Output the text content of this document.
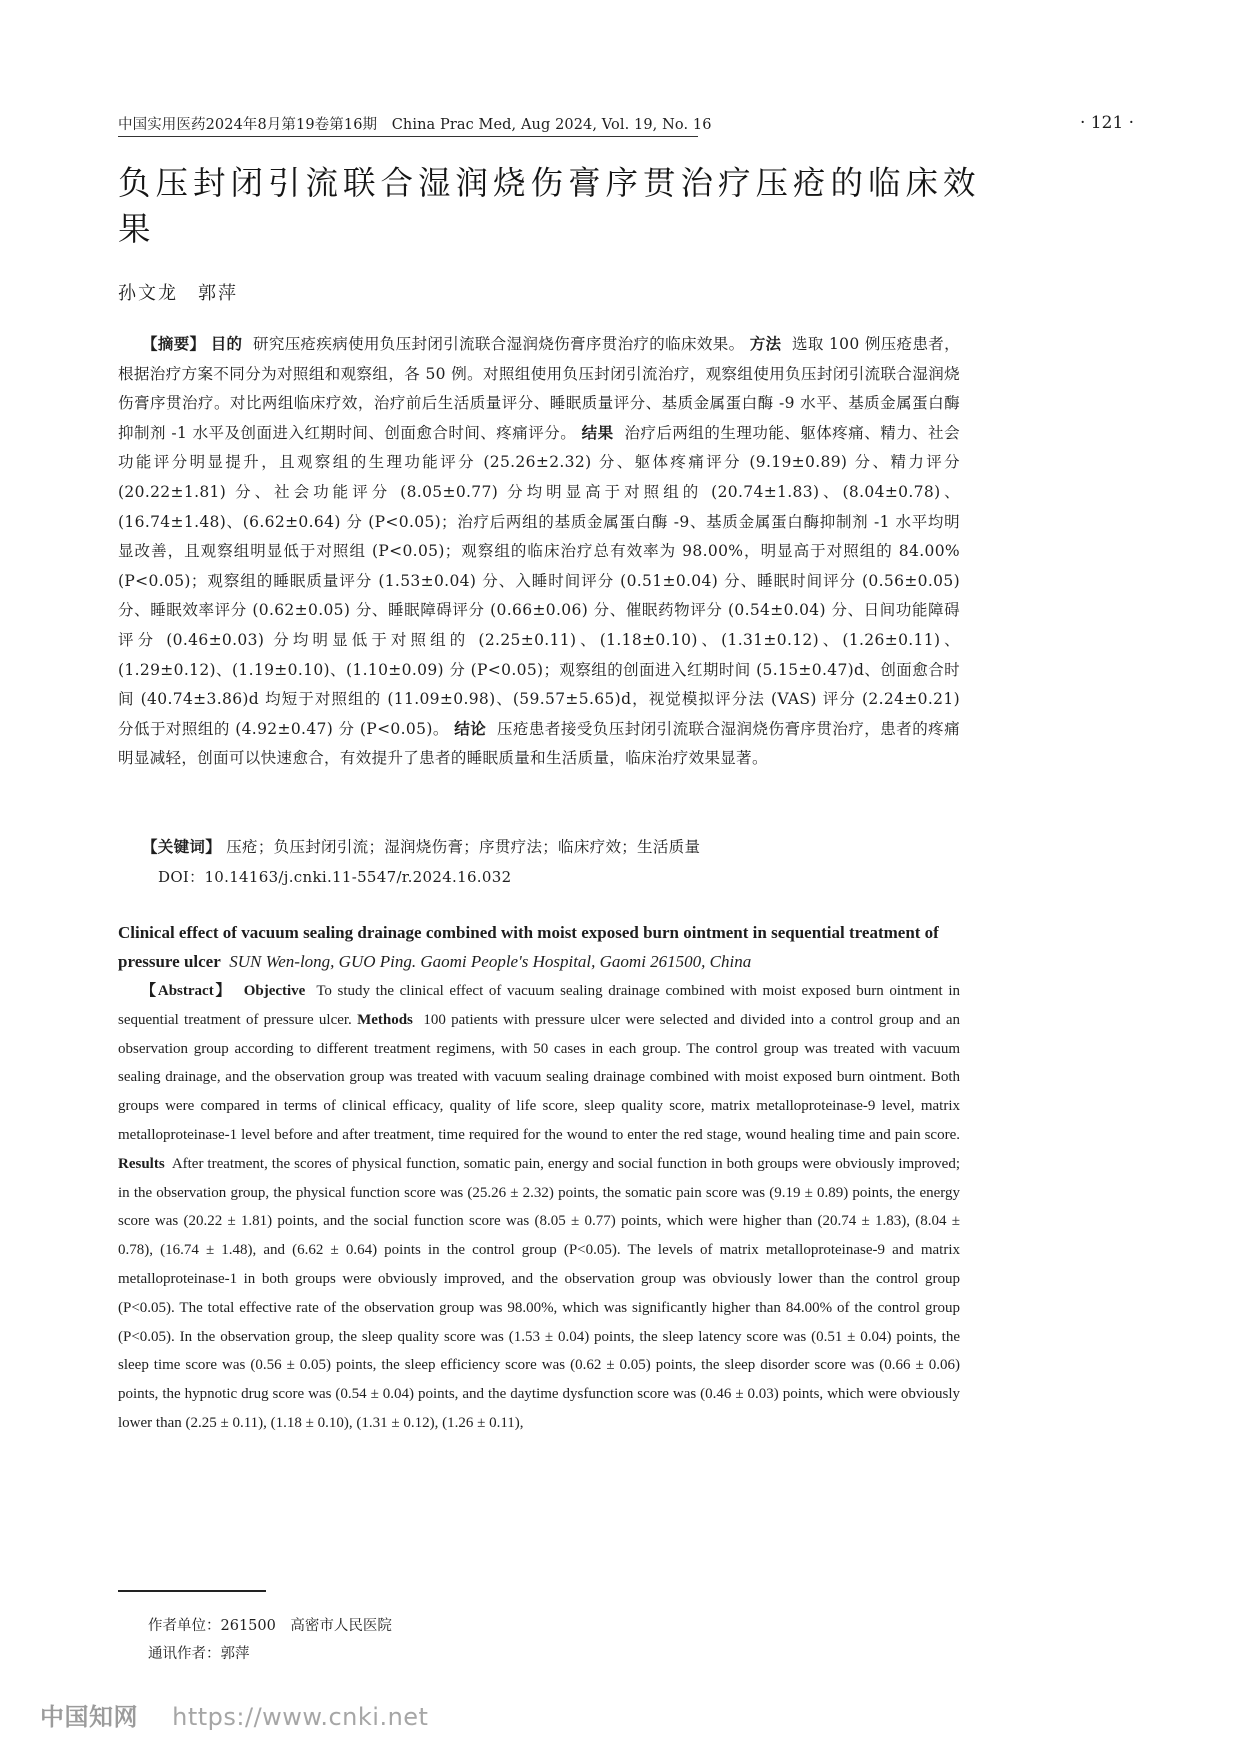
中国实用医药2024年8月第19卷第16期　China Prac Med, Aug 2024, Vol. 19, No. 16	· 121 ·
负压封闭引流联合湿润烧伤膏序贯治疗压疮的临床效果
孙文龙　郭萍

【摘要】 目的 研究压疮疾病使用负压封闭引流联合湿润烧伤膏序贯治疗的临床效果。 方法 选取 100 例压疮患者，根据治疗方案不同分为对照组和观察组，各 50 例。对照组使用负压封闭引流治疗，观察组使用负压封闭引流联合湿润烧伤膏序贯治疗。对比两组临床疗效，治疗前后生活质量评分、睡眠质量评分、基质金属蛋白酶 -9 水平、基质金属蛋白酶抑制剂 -1 水平及创面进入红期时间、创面愈合时间、疼痛评分。 结果 治疗后两组的生理功能、躯体疼痛、精力、社会功能评分明显提升，且观察组的生理功能评分 (25.26±2.32) 分、躯体疼痛评分 (9.19±0.89) 分、精力评分 (20.22±1.81) 分、社会功能评分 (8.05±0.77) 分均明显高于对照组的 (20.74±1.83)、(8.04±0.78)、(16.74±1.48)、(6.62±0.64) 分 (P<0.05)；治疗后两组的基质金属蛋白酶 -9、基质金属蛋白酶抑制剂 -1 水平均明显改善，且观察组明显低于对照组 (P<0.05)；观察组的临床治疗总有效率为 98.00%，明显高于对照组的 84.00%(P<0.05)；观察组的睡眠质量评分 (1.53±0.04) 分、入睡时间评分 (0.51±0.04) 分、睡眠时间评分 (0.56±0.05) 分、睡眠效率评分 (0.62±0.05) 分、睡眠障碍评分 (0.66±0.06) 分、催眠药物评分 (0.54±0.04) 分、日间功能障碍评分 (0.46±0.03) 分均明显低于对照组的 (2.25±0.11)、(1.18±0.10)、(1.31±0.12)、(1.26±0.11)、(1.29±0.12)、(1.19±0.10)、(1.10±0.09) 分 (P<0.05)；观察组的创面进入红期时间 (5.15±0.47)d、创面愈合时间 (40.74±3.86)d 均短于对照组的 (11.09±0.98)、(59.57±5.65)d，视觉模拟评分法 (VAS) 评分 (2.24±0.21) 分低于对照组的 (4.92±0.47) 分 (P<0.05)。 结论 压疮患者接受负压封闭引流联合湿润烧伤膏序贯治疗，患者的疼痛明显减轻，创面可以快速愈合，有效提升了患者的睡眠质量和生活质量，临床治疗效果显著。

【关键词】 压疮；负压封闭引流；湿润烧伤膏；序贯疗法；临床疗效；生活质量
DOI：10.14163/j.cnki.11-5547/r.2024.16.032
Clinical effect of vacuum sealing drainage combined with moist exposed burn ointment in sequential treatment of pressure ulcer SUN Wen-long, GUO Ping. Gaomi People's Hospital, Gaomi 261500, China

【Abstract】 Objective To study the clinical effect of vacuum sealing drainage combined with moist exposed burn ointment in sequential treatment of pressure ulcer. Methods 100 patients with pressure ulcer were selected and divided into a control group and an observation group according to different treatment regimens, with 50 cases in each group. The control group was treated with vacuum sealing drainage, and the observation group was treated with vacuum sealing drainage combined with moist exposed burn ointment. Both groups were compared in terms of clinical efficacy, quality of life score, sleep quality score, matrix metalloproteinase-9 level, matrix metalloproteinase-1 level before and after treatment, time required for the wound to enter the red stage, wound healing time and pain score. Results After treatment, the scores of physical function, somatic pain, energy and social function in both groups were obviously improved; in the observation group, the physical function score was (25.26 ± 2.32) points, the somatic pain score was (9.19 ± 0.89) points, the energy score was (20.22 ± 1.81) points, and the social function score was (8.05 ± 0.77) points, which were higher than (20.74 ± 1.83), (8.04 ± 0.78), (16.74 ± 1.48), and (6.62 ± 0.64) points in the control group (P<0.05). The levels of matrix metalloproteinase-9 and matrix metalloproteinase-1 in both groups were obviously improved, and the observation group was obviously lower than the control group (P<0.05). The total effective rate of the observation group was 98.00%, which was significantly higher than 84.00% of the control group (P<0.05). In the observation group, the sleep quality score was (1.53 ± 0.04) points, the sleep latency score was (0.51 ± 0.04) points, the sleep time score was (0.56 ± 0.05) points, the sleep efficiency score was (0.62 ± 0.05) points, the sleep disorder score was (0.66 ± 0.06) points, the hypnotic drug score was (0.54 ± 0.04) points, and the daytime dysfunction score was (0.46 ± 0.03) points, which were obviously lower than (2.25 ± 0.11), (1.18 ± 0.10), (1.31 ± 0.12), (1.26 ± 0.11),

作者单位：261500　高密市人民医院
通讯作者：郭萍
中国知网 https://www.cnki.net
